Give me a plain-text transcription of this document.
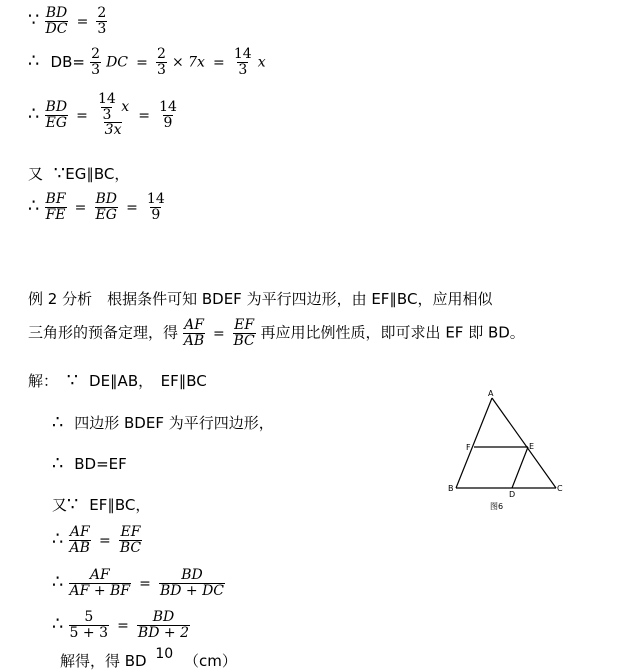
∵ $\frac{BD}{DC} = \frac{2}{3}$
∴ $DB= \frac{2}{3}$ DC = $\frac{2}{3} \times 7x = \frac{14}{3}$ x
∴ $\frac{BD}{EG} = \frac{\frac{14}{3} x}{3x} = \frac{14}{9}$
又 ∵EG∥BC，
∴ $\frac{BF}{FE} = \frac{BD}{EG} = \frac{14}{9}$
例 2 分析　根据条件可知 BDEF 为平行四边形，由 EF∥BC，应用相似
三角形的预备定理，得 $\frac{AF}{AB} = \frac{EF}{BC}$ 再应用比例性质，即可求出 EF 即 BD。
解： ∵ DE∥AB，　EF∥BC
∴ 四边形 BDEF 为平行四边形，
∴ BD=EF
又∵ EF∥BC，
∴ $\frac{AF}{AB} = \frac{EF}{BC}$
∴ $\frac{AF}{AF + BF} = \frac{BD}{BD + DC}$
∴ $\frac{5}{5 + 3} = \frac{BD}{BD + 2}$
解得，得 BD 10 （cm）
A
B	C
D
E
F
图6
